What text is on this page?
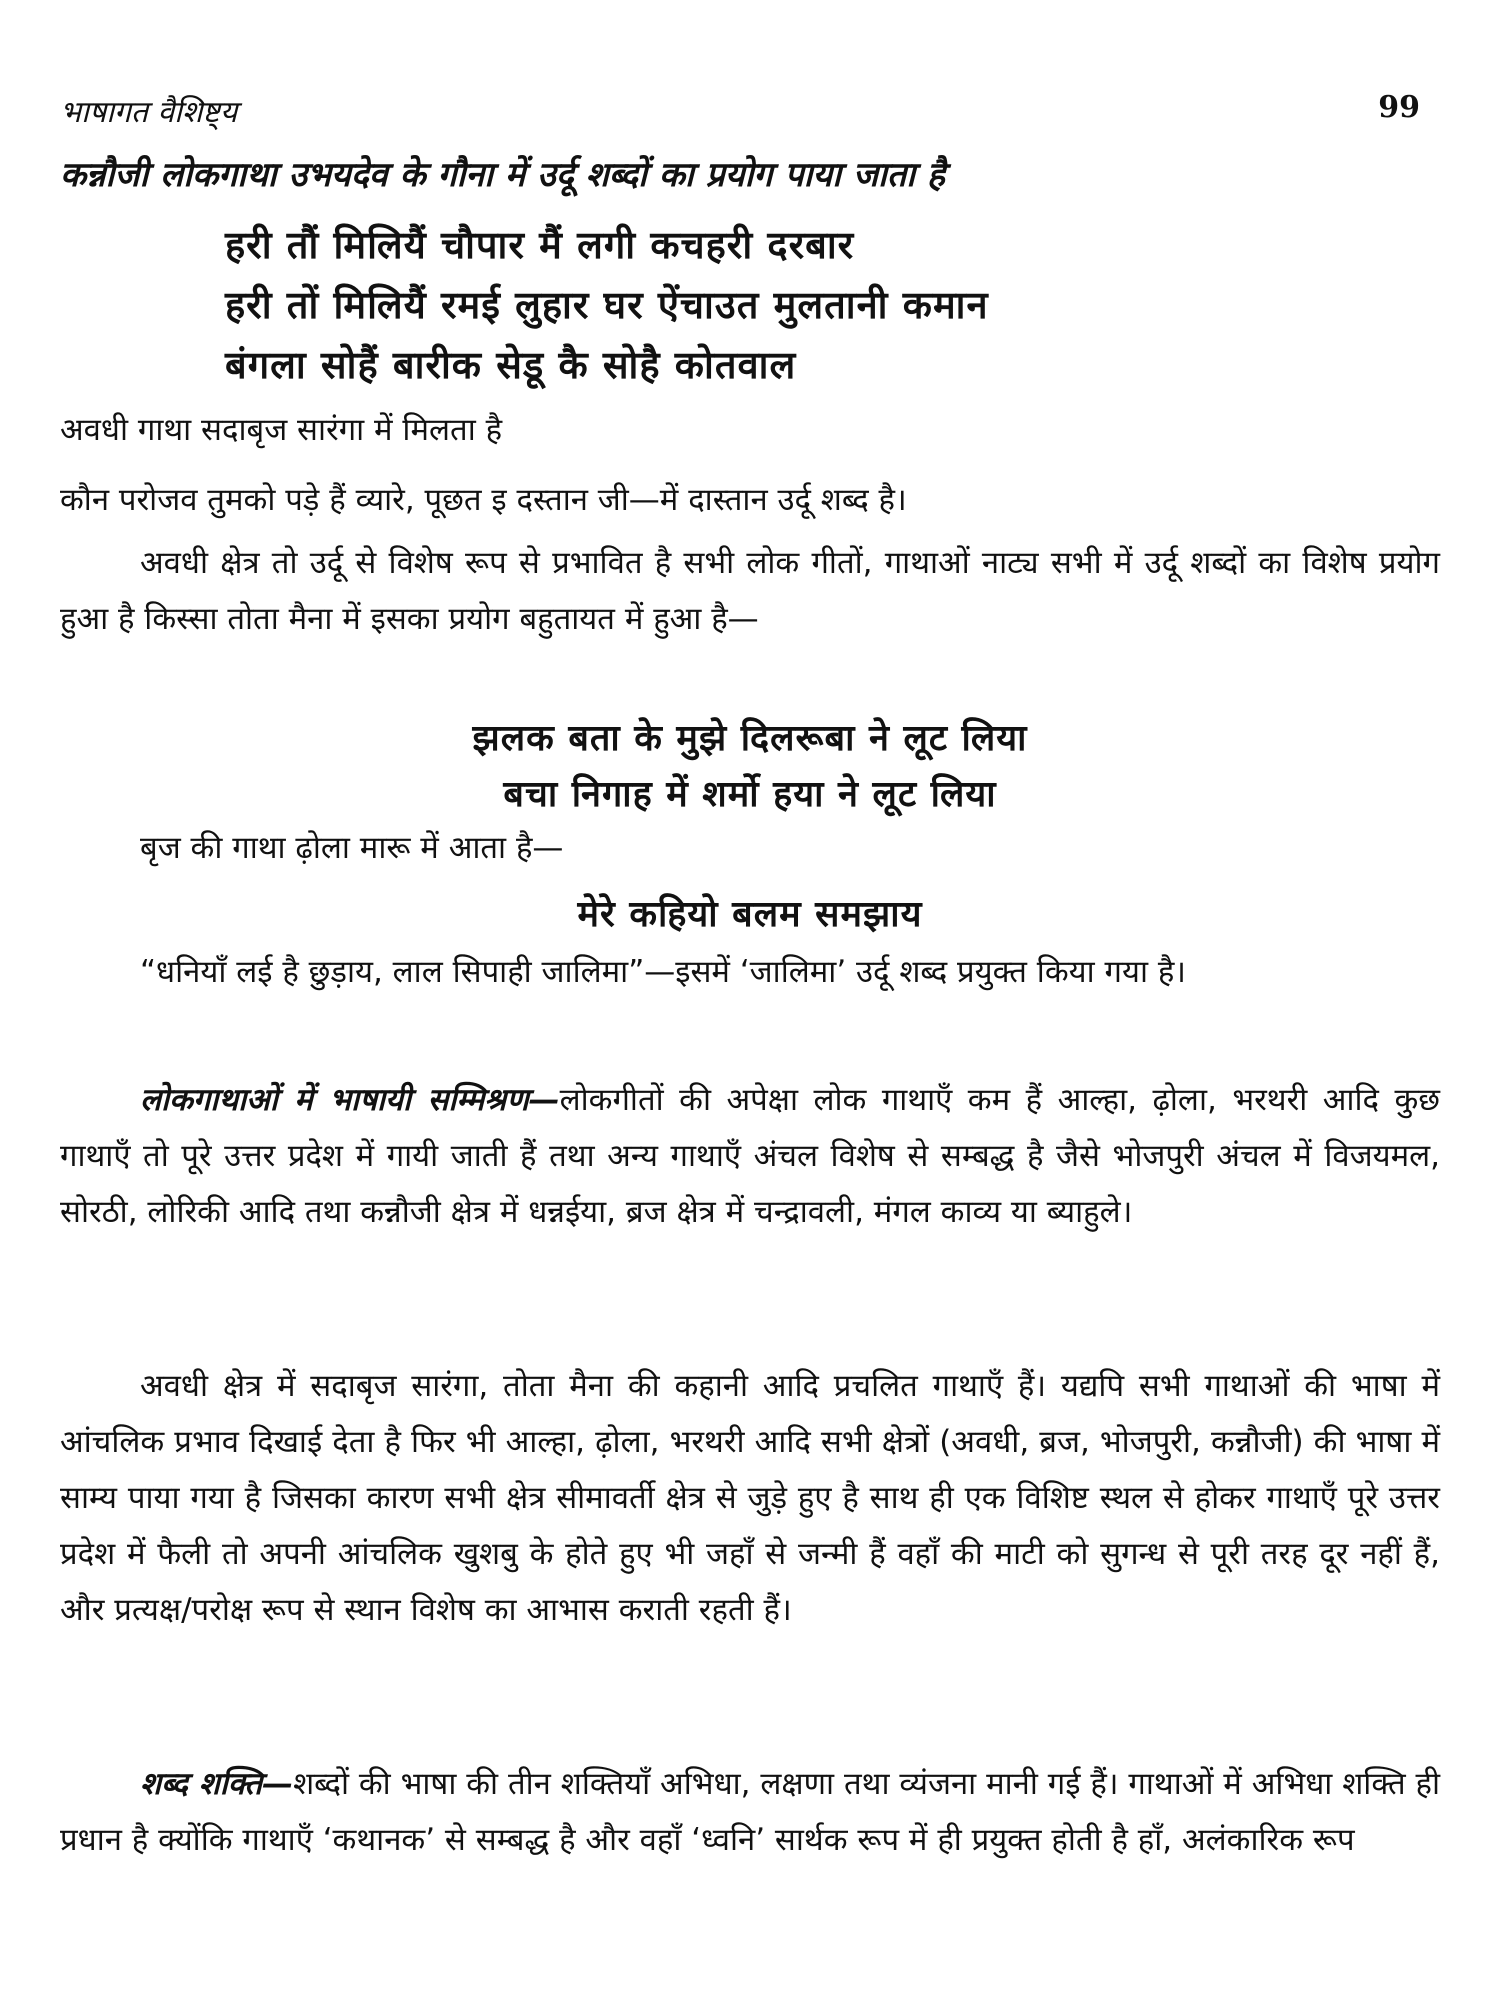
भाषागत वैशिष्ट्य	99
कन्नौजी लोकगाथा उभयदेव के गौना में उर्दू शब्दों का प्रयोग पाया जाता है
हरी तौं मिलियैं चौपार मैं लगी कचहरी दरबार
हरी तों मिलियैं रमई लुहार घर ऐंचाउत मुलतानी कमान
बंगला सोहैं बारीक सेडू कै सोहै कोतवाल
अवधी गाथा सदाबृज सारंगा में मिलता है
कौन परोजव तुमको पड़े हैं व्यारे, पूछत इ दस्तान जी—में दास्तान उर्दू शब्द है।
अवधी क्षेत्र तो उर्दू से विशेष रूप से प्रभावित है सभी लोक गीतों, गाथाओं नाट्य सभी में उर्दू शब्दों का विशेष प्रयोग हुआ है किस्सा तोता मैना में इसका प्रयोग बहुतायत में हुआ है—
झलक बता के मुझे दिलरूबा ने लूट लिया
बचा निगाह में शर्मो हया ने लूट लिया
बृज की गाथा ढ़ोला मारू में आता है—
मेरे कहियो बलम समझाय
“धनियाँ लई है छुड़ाय, लाल सिपाही जालिमा”—इसमें ‘जालिमा’ उर्दू शब्द प्रयुक्त किया गया है।
लोकगाथाओं में भाषायी सम्मिश्रण—लोकगीतों की अपेक्षा लोक गाथाएँ कम हैं आल्हा, ढ़ोला, भरथरी आदि कुछ गाथाएँ तो पूरे उत्तर प्रदेश में गायी जाती हैं तथा अन्य गाथाएँ अंचल विशेष से सम्बद्ध है जैसे भोजपुरी अंचल में विजयमल, सोरठी, लोरिकी आदि तथा कन्नौजी क्षेत्र में धन्नईया, ब्रज क्षेत्र में चन्द्रावली, मंगल काव्य या ब्याहुले।
अवधी क्षेत्र में सदाबृज सारंगा, तोता मैना की कहानी आदि प्रचलित गाथाएँ हैं। यद्यपि सभी गाथाओं की भाषा में आंचलिक प्रभाव दिखाई देता है फिर भी आल्हा, ढ़ोला, भरथरी आदि सभी क्षेत्रों (अवधी, ब्रज, भोजपुरी, कन्नौजी) की भाषा में साम्य पाया गया है जिसका कारण सभी क्षेत्र सीमावर्ती क्षेत्र से जुड़े हुए है साथ ही एक विशिष्ट स्थल से होकर गाथाएँ पूरे उत्तर प्रदेश में फैली तो अपनी आंचलिक खुशबु के होते हुए भी जहाँ से जन्मी हैं वहाँ की माटी को सुगन्ध से पूरी तरह दूर नहीं हैं, और प्रत्यक्ष/परोक्ष रूप से स्थान विशेष का आभास कराती रहती हैं।
शब्द शक्ति—शब्दों की भाषा की तीन शक्तियाँ अभिधा, लक्षणा तथा व्यंजना मानी गई हैं। गाथाओं में अभिधा शक्ति ही प्रधान है क्योंकि गाथाएँ ‘कथानक’ से सम्बद्ध है और वहाँ ‘ध्वनि’ सार्थक रूप में ही प्रयुक्त होती है हाँ, अलंकारिक रूप
